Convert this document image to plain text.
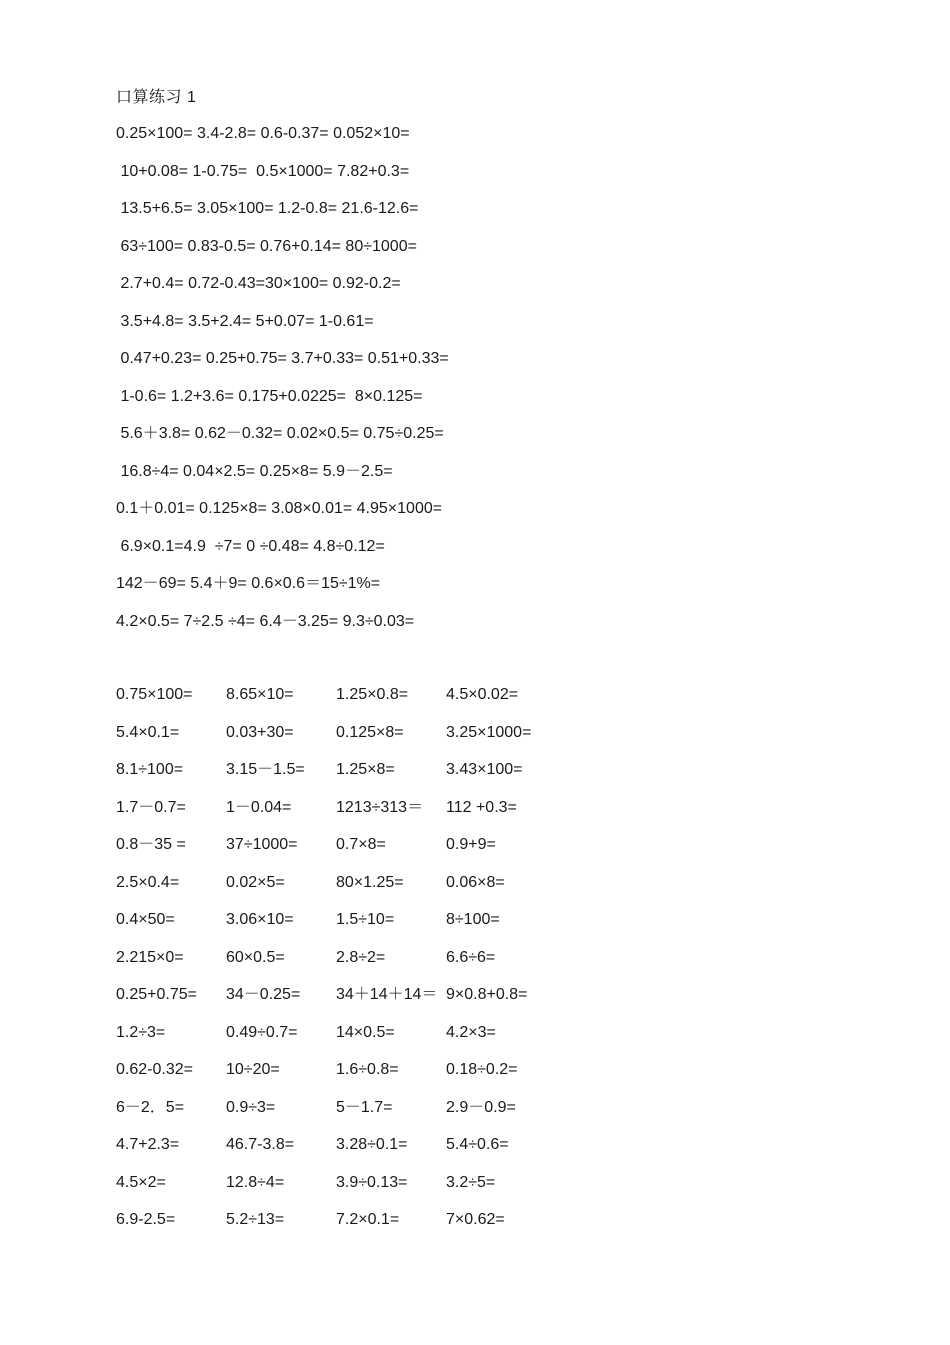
口算练习 1
0.25×100= 3.4-2.8= 0.6-0.37= 0.052×10=
10+0.08= 1-0.75=  0.5×1000= 7.82+0.3=
13.5+6.5= 3.05×100= 1.2-0.8= 21.6-12.6=
63÷100= 0.83-0.5= 0.76+0.14= 80÷1000=
2.7+0.4= 0.72-0.43=30×100= 0.92-0.2=
3.5+4.8= 3.5+2.4= 5+0.07= 1-0.61=
0.47+0.23= 0.25+0.75= 3.7+0.33= 0.51+0.33=
1-0.6= 1.2+3.6= 0.175+0.0225=  8×0.125=
5.6＋3.8= 0.62－0.32= 0.02×0.5= 0.75÷0.25=
16.8÷4= 0.04×2.5= 0.25×8= 5.9－2.5=
0.1＋0.01= 0.125×8= 3.08×0.01= 4.95×1000=
6.9×0.1=4.9  ÷7= 0 ÷0.48= 4.8÷0.12=
142－69= 5.4＋9= 0.6×0.6＝15÷1%=
4.2×0.5= 7÷2.5 ÷4= 6.4－3.25= 9.3÷0.03=
0.75×100= 8.65×10=	1.25×0.8= 4.5×0.02=
5.4×0.1=	0.03+30=	0.125×8=	3.25×1000=
8.1÷100=	3.15－1.5= 1.25×8=	3.43×100=
1.7－0.7=	1－0.04=	1213÷313＝ 112 +0.3=
0.8－35 =	37÷1000= 0.7×8=	0.9+9=
2.5×0.4=	0.02×5=	80×1.25=	0.06×8=
0.4×50=	3.06×10=	1.5÷10=	8÷100=
2.215×0=	60×0.5=	2.8÷2=	6.6÷6=
0.25+0.75= 34－0.25= 34＋14＋14＝ 9×0.8+0.8=
1.2÷3=	0.49÷0.7= 14×0.5=	4.2×3=
0.62-0.32= 10÷20=	1.6÷0.8=	0.18÷0.2=
6－2．5=	0.9÷3=	5－1.7=	2.9－0.9=
4.7+2.3=	46.7-3.8=	3.28÷0.1= 5.4÷0.6=
4.5×2=	12.8÷4=	3.9÷0.13= 3.2÷5=
6.9-2.5=	5.2÷13=	7.2×0.1=	7×0.62=
